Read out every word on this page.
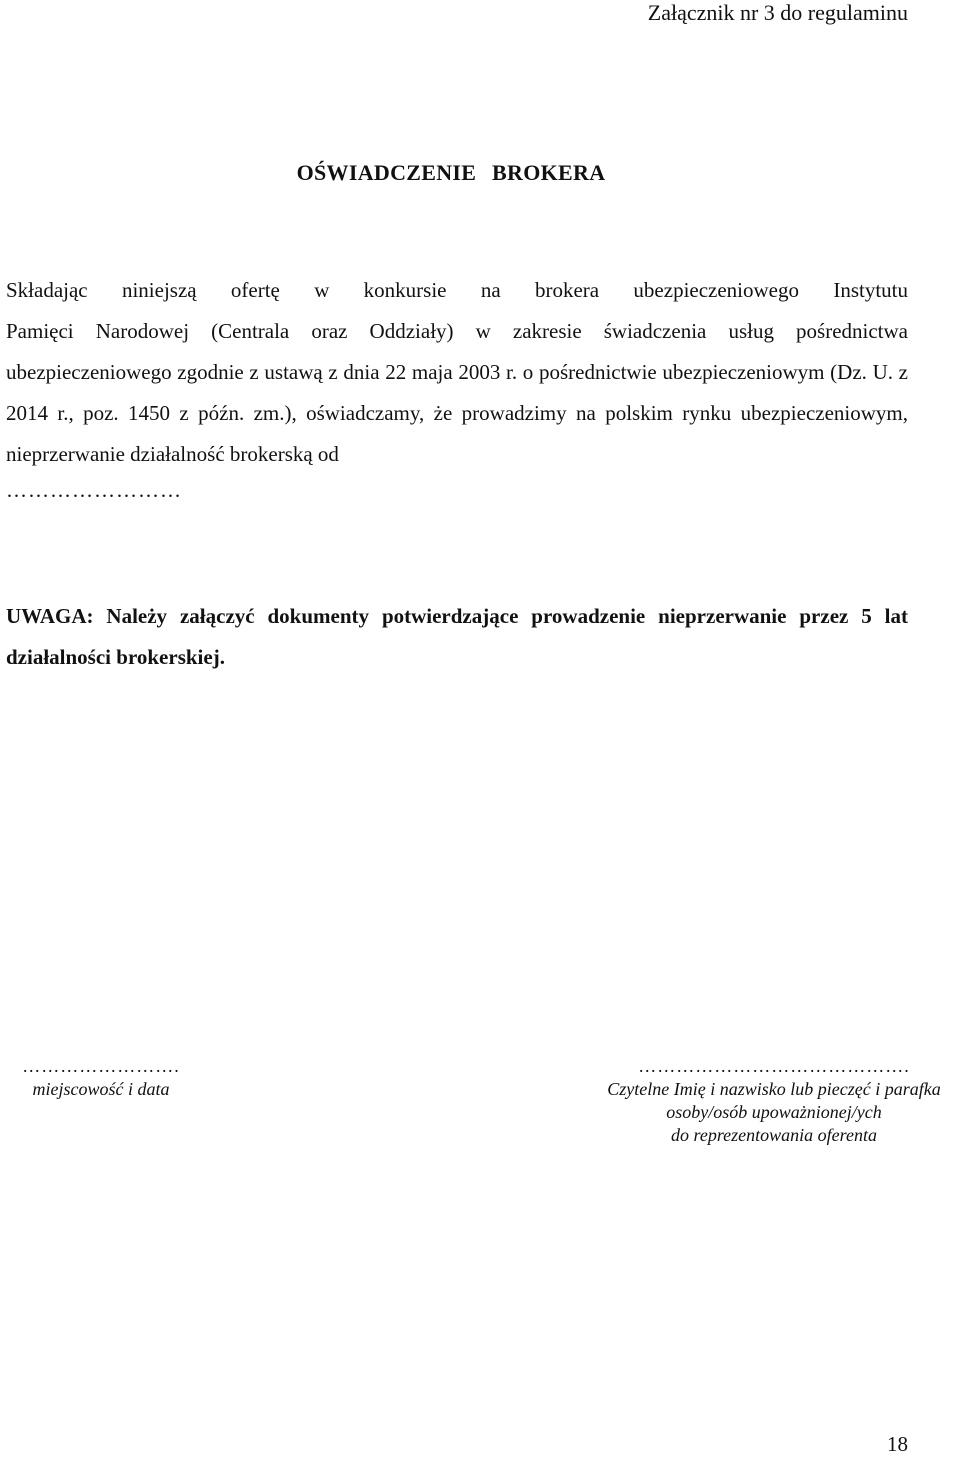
Załącznik nr 3 do regulaminu
OŚWIADCZENIE BROKERA

Składając niniejszą ofertę w konkursie na brokera ubezpieczeniowego Instytutu
Pamięci Narodowej (Centrala oraz Oddziały) w zakresie świadczenia usług pośrednictwa ubezpieczeniowego zgodnie z ustawą z dnia 22 maja 2003 r. o pośrednictwie ubezpieczeniowym (Dz. U. z 2014 r., poz. 1450 z późn. zm.), oświadczamy, że prowadzimy na polskim rynku ubezpieczeniowym, nieprzerwanie działalność brokerską od

……………………

UWAGA: Należy załączyć dokumenty potwierdzające prowadzenie nieprzerwanie przez 5 lat działalności brokerskiej.

…………………….
miejscowość i data
…………………………………….
Czytelne Imię i nazwisko lub pieczęć i parafka
osoby/osób upoważnionej/ych
do reprezentowania oferenta
18
